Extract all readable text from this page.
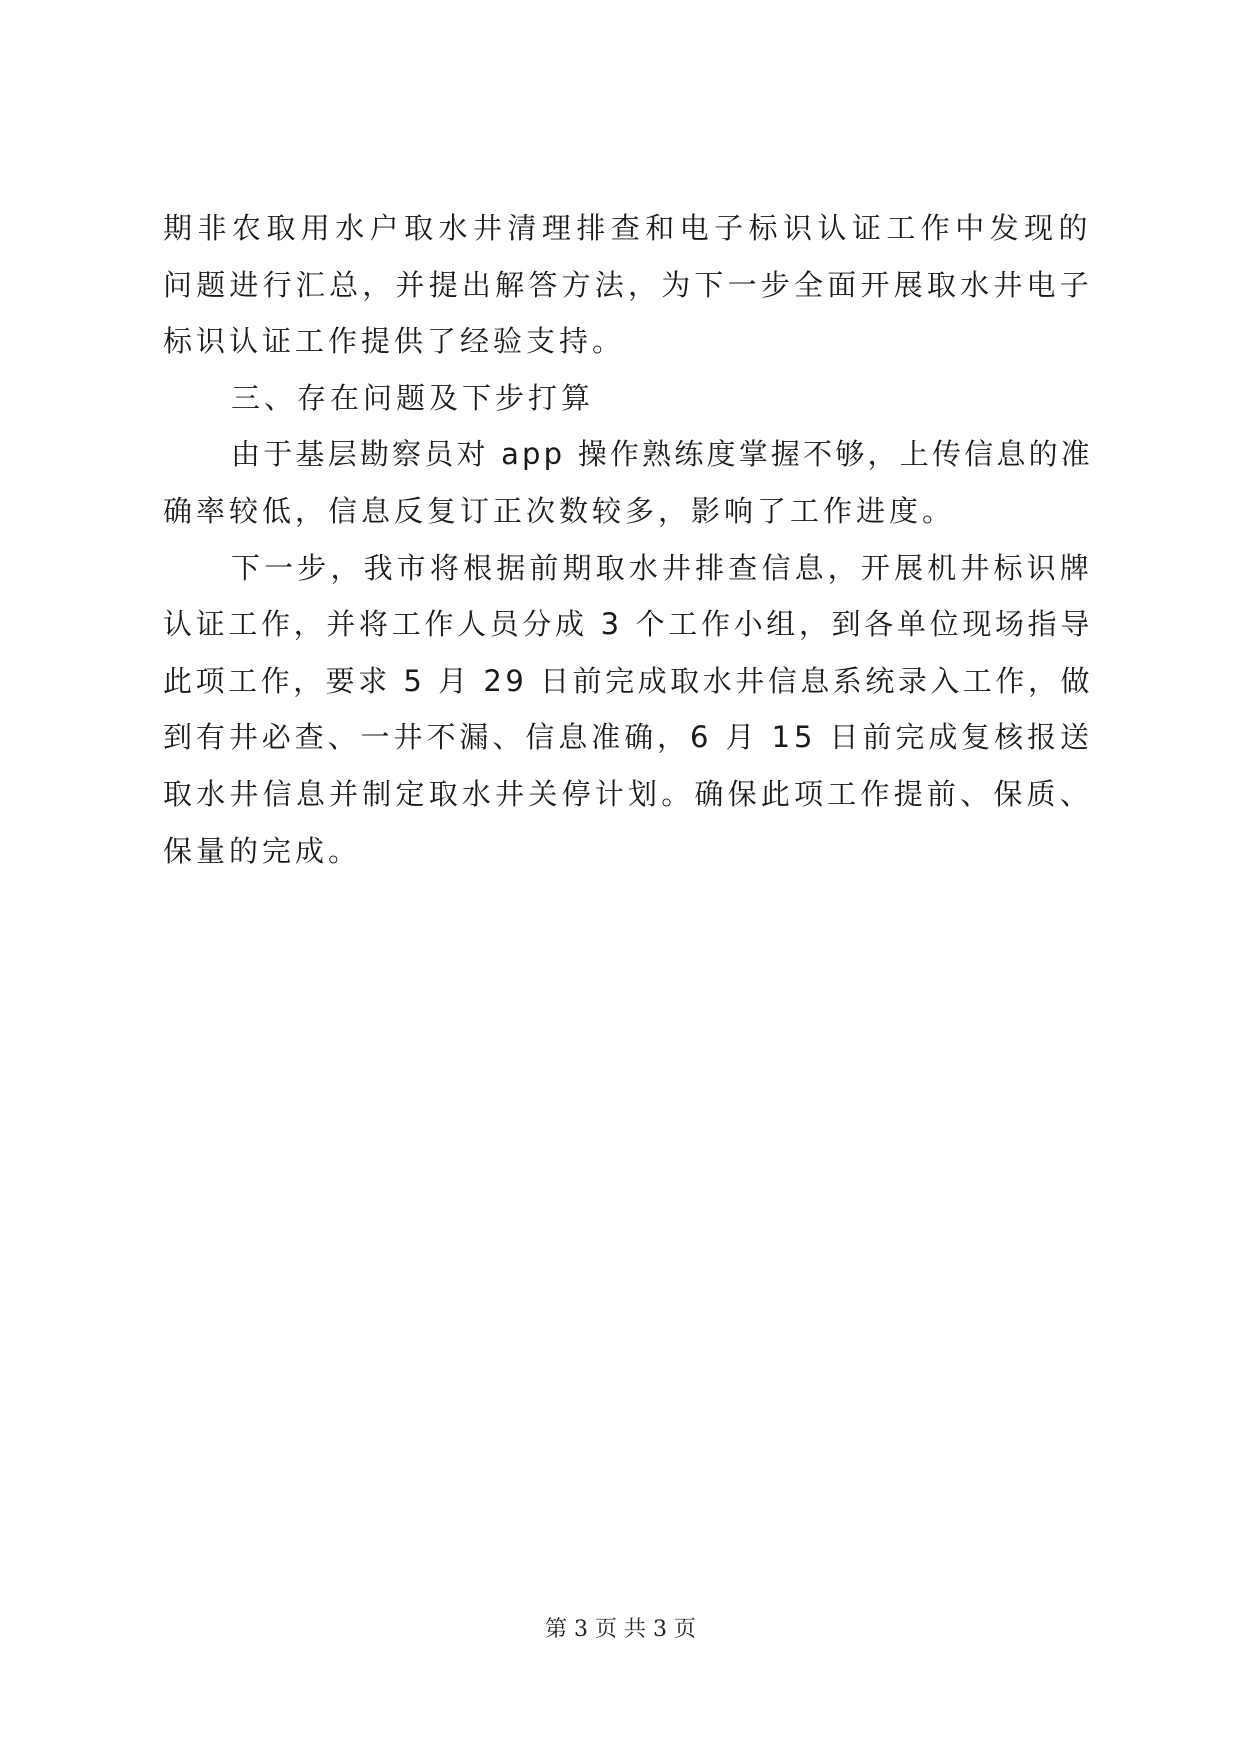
期非农取用水户取水井清理排查和电子标识认证工作中发现的
问题进行汇总，并提出解答方法，为下一步全面开展取水井电子
标识认证工作提供了经验支持。
三、存在问题及下步打算
由于基层勘察员对 app 操作熟练度掌握不够，上传信息的准
确率较低，信息反复订正次数较多，影响了工作进度。
下一步，我市将根据前期取水井排查信息，开展机井标识牌
认证工作，并将工作人员分成 3 个工作小组，到各单位现场指导
此项工作，要求 5 月 29 日前完成取水井信息系统录入工作，做
到有井必查、一井不漏、信息准确，6 月 15 日前完成复核报送
取水井信息并制定取水井关停计划。确保此项工作提前、保质、
保量的完成。
第 3 页 共 3 页
